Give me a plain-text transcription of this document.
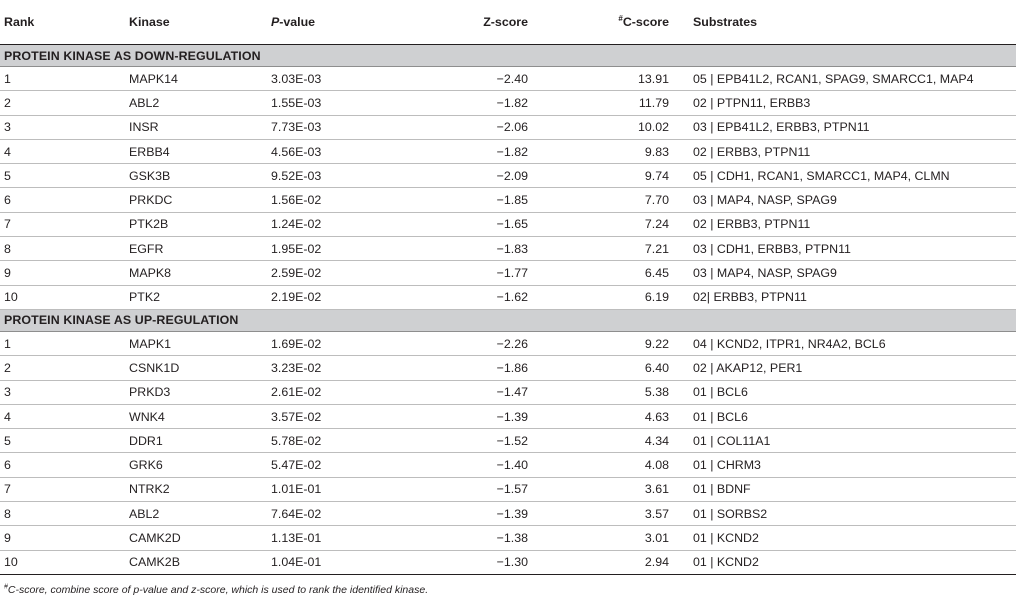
Rank	Kinase	P-value	Z-score	#C-score	Substrates
PROTEIN KINASE AS DOWN-REGULATION					
1	MAPK14	3.03E-03	−2.40	13.91	05 | EPB41L2, RCAN1, SPAG9, SMARCC1, MAP4
2	ABL2	1.55E-03	−1.82	11.79	02 | PTPN11, ERBB3
3	INSR	7.73E-03	−2.06	10.02	03 | EPB41L2, ERBB3, PTPN11
4	ERBB4	4.56E-03	−1.82	9.83	02 | ERBB3, PTPN11
5	GSK3B	9.52E-03	−2.09	9.74	05 | CDH1, RCAN1, SMARCC1, MAP4, CLMN
6	PRKDC	1.56E-02	−1.85	7.70	03 | MAP4, NASP, SPAG9
7	PTK2B	1.24E-02	−1.65	7.24	02 | ERBB3, PTPN11
8	EGFR	1.95E-02	−1.83	7.21	03 | CDH1, ERBB3, PTPN11
9	MAPK8	2.59E-02	−1.77	6.45	03 | MAP4, NASP, SPAG9
10	PTK2	2.19E-02	−1.62	6.19	02| ERBB3, PTPN11
PROTEIN KINASE AS UP-REGULATION					
1	MAPK1	1.69E-02	−2.26	9.22	04 | KCND2, ITPR1, NR4A2, BCL6
2	CSNK1D	3.23E-02	−1.86	6.40	02 | AKAP12, PER1
3	PRKD3	2.61E-02	−1.47	5.38	01 | BCL6
4	WNK4	3.57E-02	−1.39	4.63	01 | BCL6
5	DDR1	5.78E-02	−1.52	4.34	01 | COL11A1
6	GRK6	5.47E-02	−1.40	4.08	01 | CHRM3
7	NTRK2	1.01E-01	−1.57	3.61	01 | BDNF
8	ABL2	7.64E-02	−1.39	3.57	01 | SORBS2
9	CAMK2D	1.13E-01	−1.38	3.01	01 | KCND2
10	CAMK2B	1.04E-01	−1.30	2.94	01 | KCND2
#C-score, combine score of p-value and z-score, which is used to rank the identified kinase.
